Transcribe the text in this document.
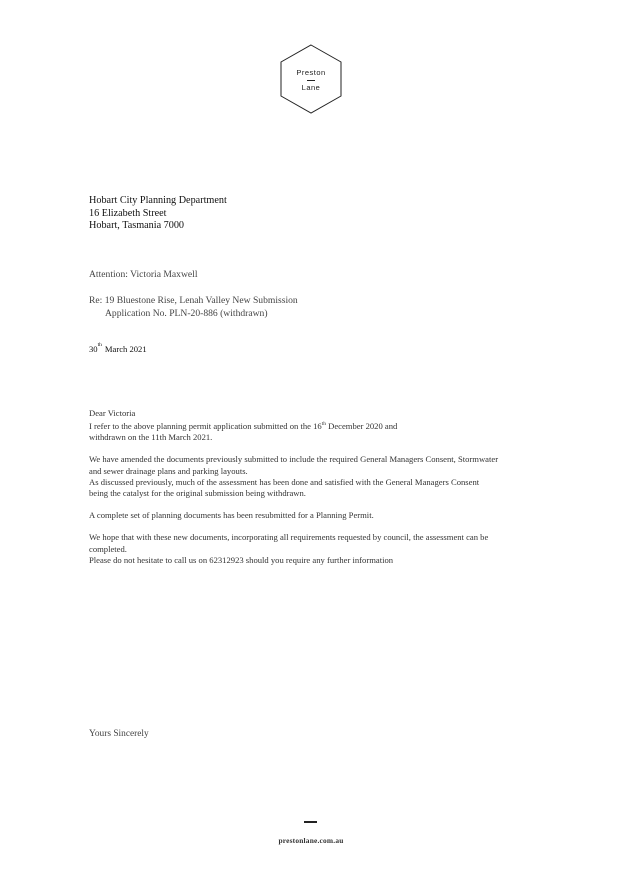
Preston
Lane
Hobart City Planning Department
16 Elizabeth Street
Hobart, Tasmania 7000
Attention: Victoria Maxwell
Re: 19 Bluestone Rise, Lenah Valley New Submission
Application No. PLN-20-886 (withdrawn)
30th March 2021

Dear Victoria

I refer to the above planning permit application submitted on the 16th December 2020 and

withdrawn on the 11th March 2021.

We have amended the documents previously submitted to include the required General Managers Consent, Stormwater

and sewer drainage plans and parking layouts.

As discussed previously, much of the assessment has been done and satisfied with the General Managers Consent

being the catalyst for the original submission being withdrawn.

A complete set of planning documents has been resubmitted for a Planning Permit.

We hope that with these new documents, incorporating all requirements requested by council, the assessment can be

completed.

Please do not hesitate to call us on 62312923 should you require any further information

Yours Sincerely
prestonlane.com.au
